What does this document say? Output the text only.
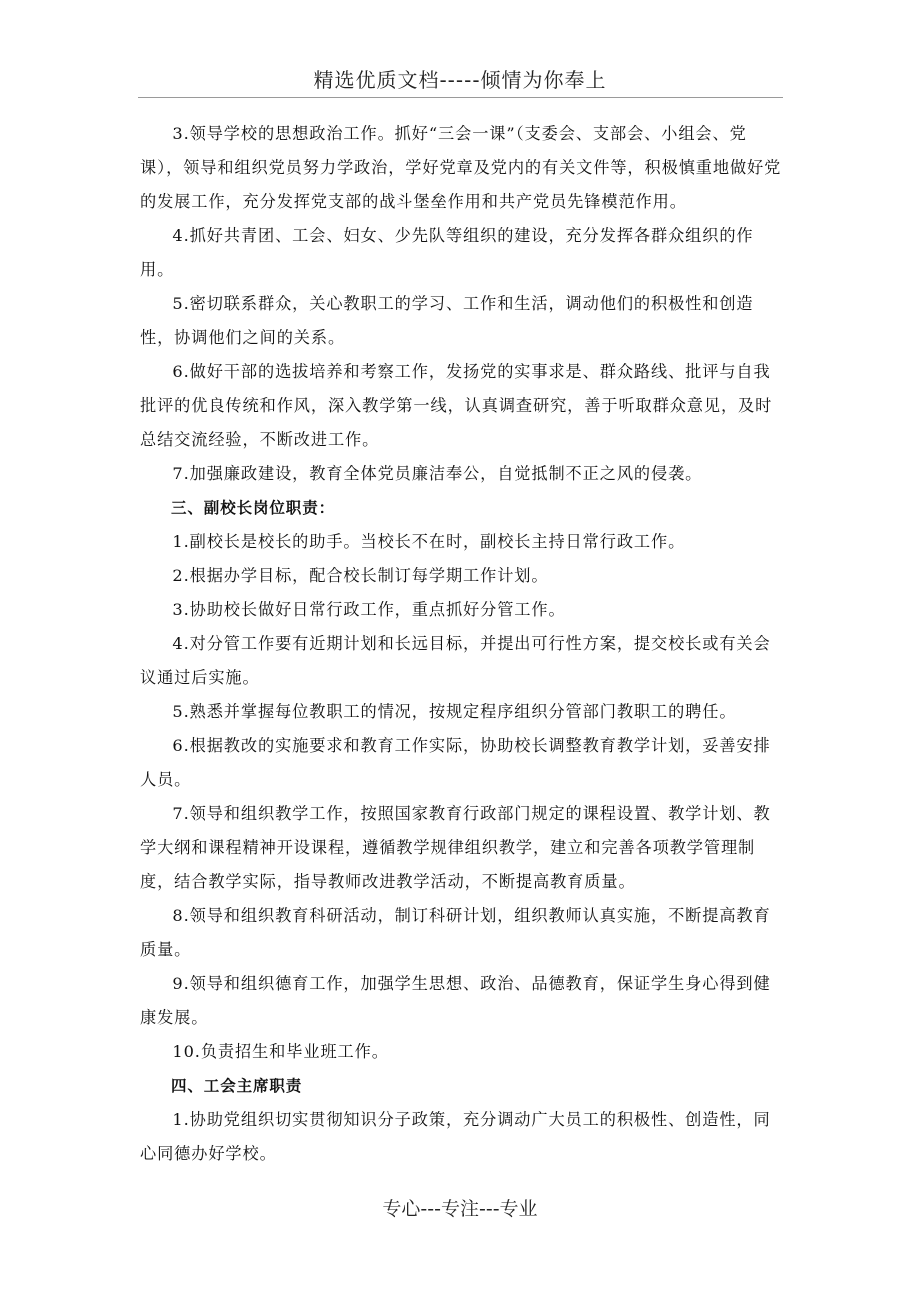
精选优质文档-----倾情为你奉上

3.领导学校的思想政治工作。抓好“三会一课”（支委会、支部会、小组会、党课），领导和组织党员努力学政治，学好党章及党内的有关文件等，积极慎重地做好党的发展工作，充分发挥党支部的战斗堡垒作用和共产党员先锋模范作用。

4.抓好共青团、工会、妇女、少先队等组织的建设，充分发挥各群众组织的作用。

5.密切联系群众，关心教职工的学习、工作和生活，调动他们的积极性和创造性，协调他们之间的关系。

6.做好干部的选拔培养和考察工作，发扬党的实事求是、群众路线、批评与自我批评的优良传统和作风，深入教学第一线，认真调查研究，善于听取群众意见，及时总结交流经验，不断改进工作。

7.加强廉政建设，教育全体党员廉洁奉公，自觉抵制不正之风的侵袭。

三、副校长岗位职责：

1.副校长是校长的助手。当校长不在时，副校长主持日常行政工作。

2.根据办学目标，配合校长制订每学期工作计划。

3.协助校长做好日常行政工作，重点抓好分管工作。

4.对分管工作要有近期计划和长远目标，并提出可行性方案，提交校长或有关会议通过后实施。

5.熟悉并掌握每位教职工的情况，按规定程序组织分管部门教职工的聘任。

6.根据教改的实施要求和教育工作实际，协助校长调整教育教学计划，妥善安排人员。

7.领导和组织教学工作，按照国家教育行政部门规定的课程设置、教学计划、教学大纲和课程精神开设课程，遵循教学规律组织教学，建立和完善各项教学管理制度，结合教学实际，指导教师改进教学活动，不断提高教育质量。

8.领导和组织教育科研活动，制订科研计划，组织教师认真实施，不断提高教育质量。

9.领导和组织德育工作，加强学生思想、政治、品德教育，保证学生身心得到健康发展。

10.负责招生和毕业班工作。

四、工会主席职责

1.协助党组织切实贯彻知识分子政策，充分调动广大员工的积极性、创造性，同心同德办好学校。

专心---专注---专业
